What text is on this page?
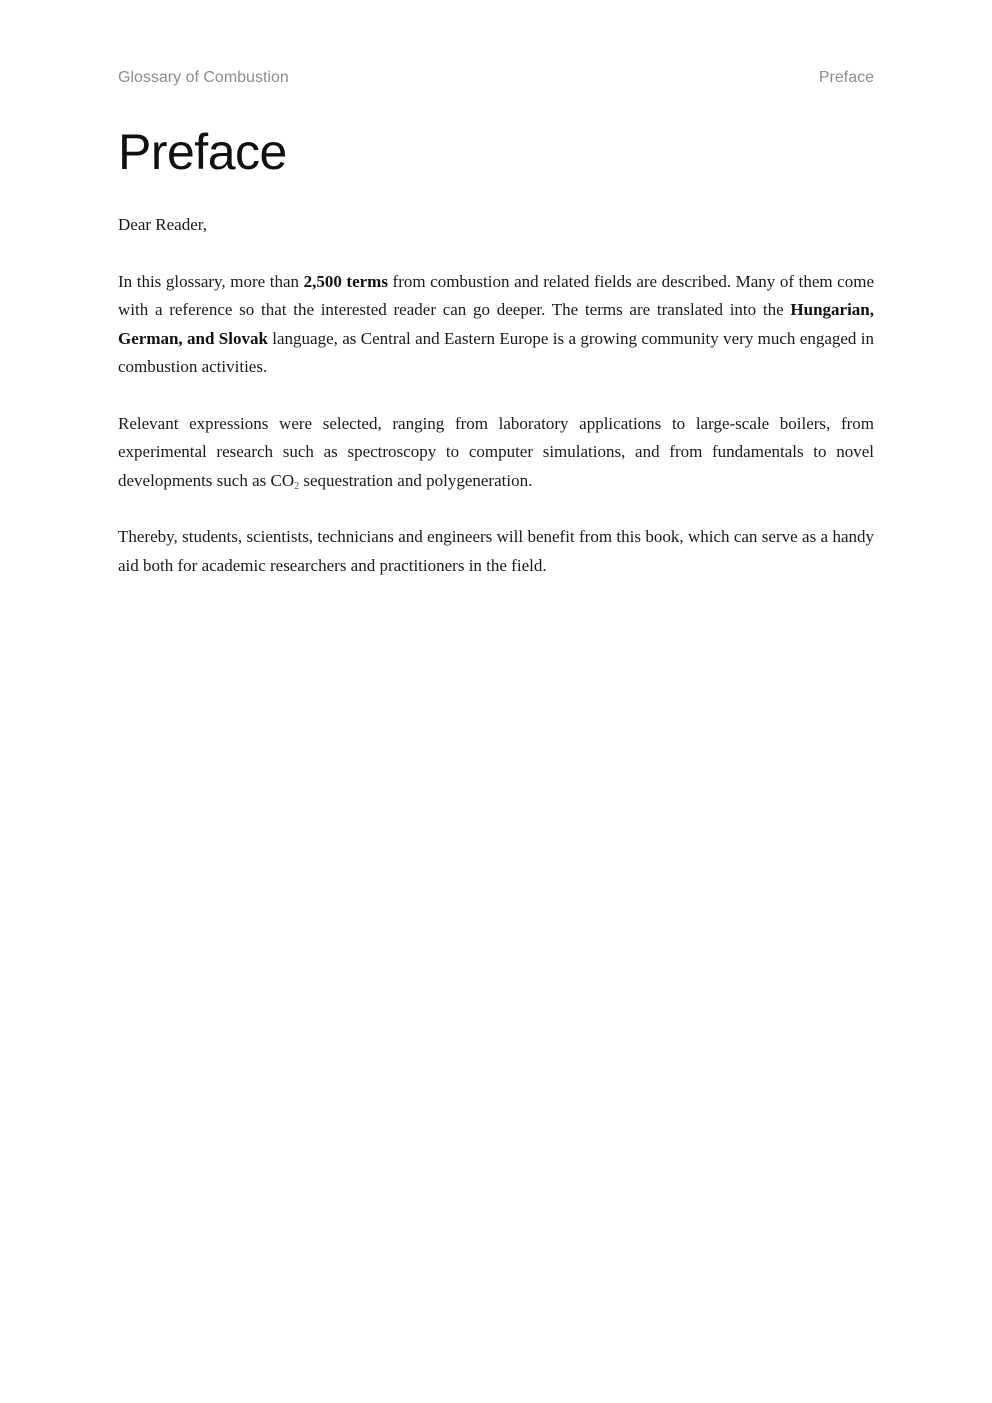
Glossary of Combustion	Preface
Preface

Dear Reader,

In this glossary, more than 2,500 terms from combustion and related fields are described. Many of them come with a reference so that the interested reader can go deeper. The terms are translated into the Hungarian, German, and Slovak language, as Central and Eastern Europe is a growing community very much engaged in combustion activities.

Relevant expressions were selected, ranging from laboratory applications to large-scale boilers, from experimental research such as spectroscopy to computer simulations, and from fundamentals to novel developments such as $CO_2$ sequestration and polygeneration.

Thereby, students, scientists, technicians and engineers will benefit from this book, which can serve as a handy aid both for academic researchers and practitioners in the field.
